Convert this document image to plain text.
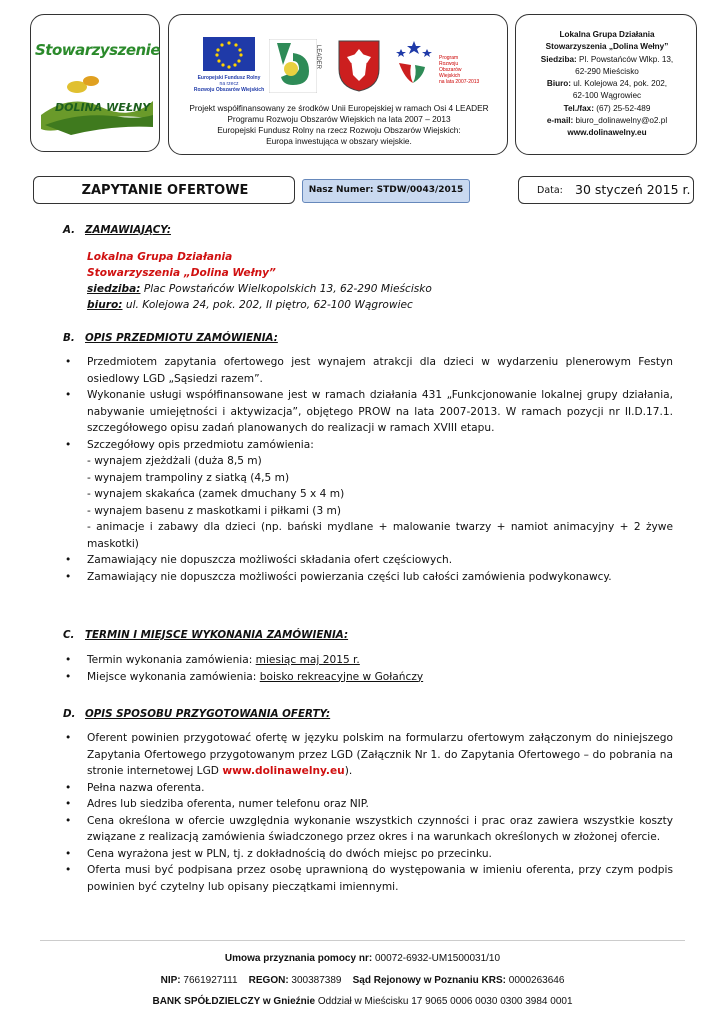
Stowarzyszenie
DOLINA WEŁNY
Europejski Fundusz Rolny
na rzecz
Rozwoju Obszarów Wiejskich
LEADER	Program
Rozwoju
Obszarów
Wiejskich
na lata 2007-2013
Projekt współfinansowany ze środków Unii Europejskiej w ramach Osi 4 LEADER
Programu Rozwoju Obszarów Wiejskich na lata 2007 – 2013
Europejski Fundusz Rolny na rzecz Rozwoju Obszarów Wiejskich:
Europa inwestująca w obszary wiejskie.
Lokalna Grupa Działania
Stowarzyszenia „Dolina Wełny”
Siedziba: Pl. Powstańców Wlkp. 13,
62-290 Mieścisko
Biuro: ul. Kolejowa 24, pok. 202,
62-100 Wągrowiec
Tel./fax: (67) 25-52-489
e-mail: biuro_dolinawelny@o2.pl
www.dolinawelny.eu
ZAPYTANIE OFERTOWE	Nasz Numer: STDW/0043/2015	Data: 30 styczeń 2015 r.
A. ZAMAWIAJĄCY:
Lokalna Grupa Działania
Stowarzyszenia „Dolina Wełny”
siedziba: Plac Powstańców Wielkopolskich 13, 62-290 Mieścisko
biuro: ul. Kolejowa 24, pok. 202, II piętro, 62-100 Wągrowiec
B. OPIS PRZEDMIOTU ZAMÓWIENIA:
• Przedmiotem zapytania ofertowego jest wynajem atrakcji dla dzieci w wydarzeniu plenerowym Festyn osiedlowy LGD „Sąsiedzi razem”.
• Wykonanie usługi współfinansowane jest w ramach działania 431 „Funkcjonowanie lokalnej grupy działania, nabywanie umiejętności i aktywizacja”, objętego PROW na lata 2007-2013. W ramach pozycji nr II.D.17.1. szczegółowego opisu zadań planowanych do realizacji w ramach XVIII etapu.
• Szczegółowy opis przedmiotu zamówienia:
- wynajem zjeżdżali (duża 8,5 m)
- wynajem trampoliny z siatką (4,5 m)
- wynajem skakańca (zamek dmuchany 5 x 4 m)
- wynajem basenu z maskotkami i piłkami (3 m)
- animacje i zabawy dla dzieci (np. bański mydlane + malowanie twarzy + namiot animacyjny + 2 żywe maskotki)
• Zamawiający nie dopuszcza możliwości składania ofert częściowych.
• Zamawiający nie dopuszcza możliwości powierzania części lub całości zamówienia podwykonawcy.
C. TERMIN I MIEJSCE WYKONANIA ZAMÓWIENIA:
• Termin wykonania zamówienia: miesiąc maj 2015 r.
• Miejsce wykonania zamówienia: boisko rekreacyjne w Gołańczy
D. OPIS SPOSOBU PRZYGOTOWANIA OFERTY:
• Oferent powinien przygotować ofertę w języku polskim na formularzu ofertowym załączonym do niniejszego Zapytania Ofertowego przygotowanym przez LGD (Załącznik Nr 1. do Zapytania Ofertowego – do pobrania na stronie internetowej LGD www.dolinawelny.eu).
• Pełna nazwa oferenta.
• Adres lub siedziba oferenta, numer telefonu oraz NIP.
• Cena określona w ofercie uwzględnia wykonanie wszystkich czynności i prac oraz zawiera wszystkie koszty związane z realizacją zamówienia świadczonego przez okres i na warunkach określonych w złożonej ofercie.
• Cena wyrażona jest w PLN, tj. z dokładnością do dwóch miejsc po przecinku.
• Oferta musi być podpisana przez osobę uprawnioną do występowania w imieniu oferenta, przy czym podpis powinien być czytelny lub opisany pieczątkami imiennymi.
Umowa przyznania pomocy nr: 00072-6932-UM1500031/10
NIP: 7661927111 REGON: 300387389 Sąd Rejonowy w Poznaniu KRS: 0000263646
BANK SPÓŁDZIELCZY w Gnieźnie Oddział w Mieścisku 17 9065 0006 0030 0300 3984 0001
